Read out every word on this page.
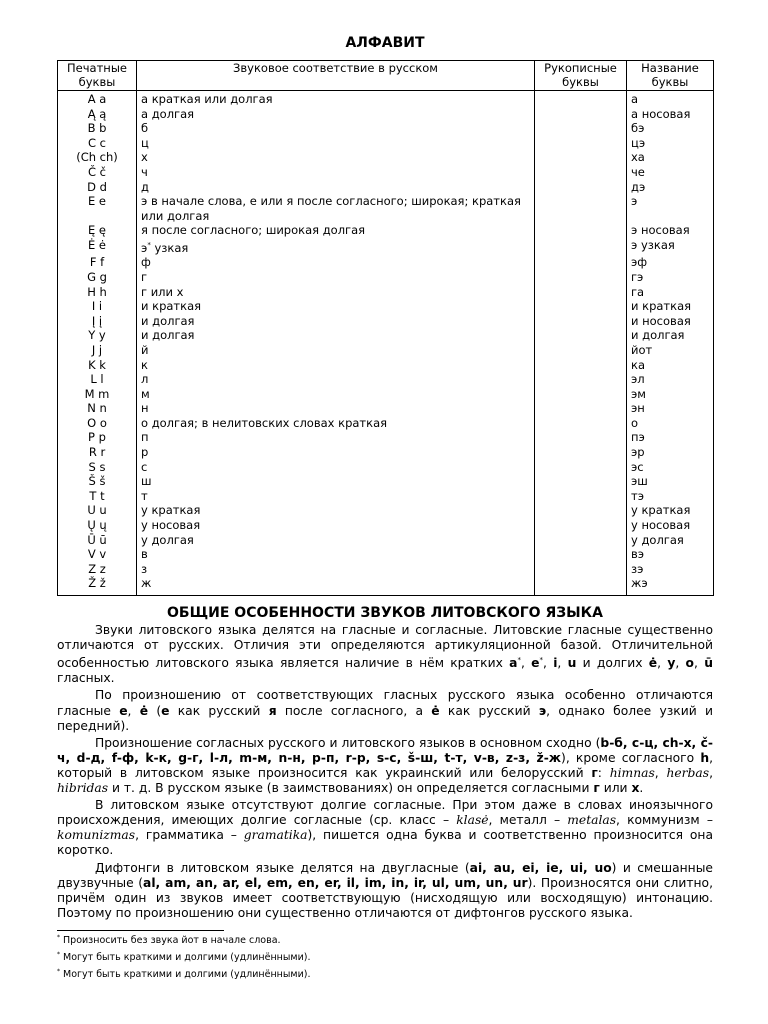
АЛФАВИТ
Печатные буквы	Звуковое соответствие в русском	Рукописные буквы	Название буквы
A a	а краткая или долгая		а
Ą ą	а долгая		а носовая
B b	б		бэ
C c	ц		цэ
(Ch ch)	х		ха
Č č	ч		че
D d	д		дэ
E e	э в начале слова, е или я после согласного; широкая; краткая или долгая		э
Ę ę	я после согласного; широкая долгая		э носовая
Ė ė	э* узкая		э узкая
F f	ф		эф
G g	г		гэ
H h	г или х		га
I i	и краткая		и краткая
Į į	и долгая		и носовая
Y y	и долгая		и долгая
J j	й		йот
K k	к		ка
L l	л		эл
M m	м		эм
N n	н		эн
O o	о долгая; в нелитовских словах краткая		о
P p	п		пэ
R r	р		эр
S s	с		эс
Š š	ш		эш
T t	т		тэ
U u	у краткая		у краткая
Ų ų	у носовая		у носовая
Ū ū	у долгая		у долгая
V v	в		вэ
Z z	з		зэ
Ž ž	ж		жэ
ОБЩИЕ ОСОБЕННОСТИ ЗВУКОВ ЛИТОВСКОГО ЯЗЫКА

Звуки литовского языка делятся на гласные и согласные. Литовские гласные существенно отличаются от русских. Отличия эти определяются артикуляционной базой. Отличительной особенностью литовского языка является наличие в нём кратких a*, e*, i, u и долгих ė, y, o, ū гласных.

По произношению от соответствующих гласных русского языка особенно отличаются гласные e, ė (e как русский я после согласного, а ė как русский э, однако более узкий и передний).

Произношение согласных русского и литовского языков в основном сходно (b-б, c-ц, ch-х, č-ч, d-д, f-ф, k-к, g-г, l-л, m-м, n-н, p-п, r-р, s-с, š-ш, t-т, v-в, z-з, ž-ж), кроме согласного h, который в литовском языке произносится как украинский или белорусский г: himnas, herbas, hibridas и т. д. В русском языке (в заимствованиях) он определяется согласными г или х.

В литовском языке отсутствуют долгие согласные. При этом даже в словах иноязычного происхождения, имеющих долгие согласные (ср. класс – klasė, металл – metalas, коммунизм – komunizmas, грамматика – gramatika), пишется одна буква и соответственно произносится она коротко.

Дифтонги в литовском языке делятся на двугласные (ai, au, ei, ie, ui, uo) и смешанные двузвучные (al, am, an, ar, el, em, en, er, il, im, in, ir, ul, um, un, ur). Произносятся они слитно, причём один из звуков имеет соответствующую (нисходящую или восходящую) интонацию. Поэтому по произношению они существенно отличаются от дифтонгов русского языка.

* Произносить без звука йот в начале слова.
* Могут быть краткими и долгими (удлинёнными).
* Могут быть краткими и долгими (удлинёнными).
